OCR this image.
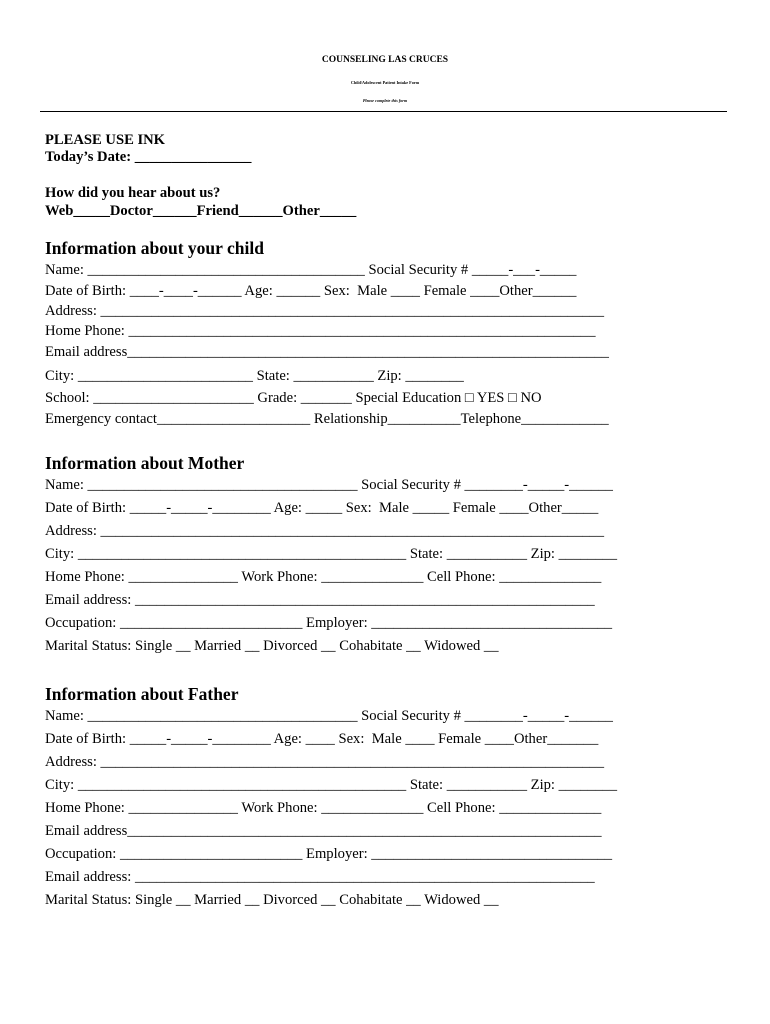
COUNSELING LAS CRUCES
Child/Adolescent Patient Intake Form
Please complete this form
PLEASE USE INK
Today’s Date: ________________
How did you hear about us?
Web_____Doctor______Friend______Other_____
Information about your child
Name: ______________________________________ Social Security # _____-___-_____
Date of Birth: ____-____-______ Age: ______ Sex:  Male ____ Female ____Other______
Address: _____________________________________________________________________
Home Phone: ________________________________________________________________
Email address__________________________________________________________________
City: ________________________ State: ___________ Zip: ________
School: ______________________ Grade: _______ Special Education □ YES □ NO
Emergency contact_____________________ Relationship__________Telephone____________
Information about Mother
Name: _____________________________________ Social Security # ________-_____-______
Date of Birth: _____-_____-________ Age: _____ Sex:  Male _____ Female ____Other_____
Address: _____________________________________________________________________
City: _____________________________________________ State: ___________ Zip: ________
Home Phone: _______________ Work Phone: ______________ Cell Phone: ______________
Email address: _______________________________________________________________
Occupation: _________________________ Employer: _________________________________
Marital Status: Single __ Married __ Divorced __ Cohabitate __ Widowed __
Information about Father
Name: _____________________________________ Social Security # ________-_____-______
Date of Birth: _____-_____-________ Age: ____ Sex:  Male ____ Female ____Other_______
Address: _____________________________________________________________________
City: _____________________________________________ State: ___________ Zip: ________
Home Phone: _______________ Work Phone: ______________ Cell Phone: ______________
Email address_________________________________________________________________
Occupation: _________________________ Employer: _________________________________
Email address: _______________________________________________________________
Marital Status: Single __ Married __ Divorced __ Cohabitate __ Widowed __
